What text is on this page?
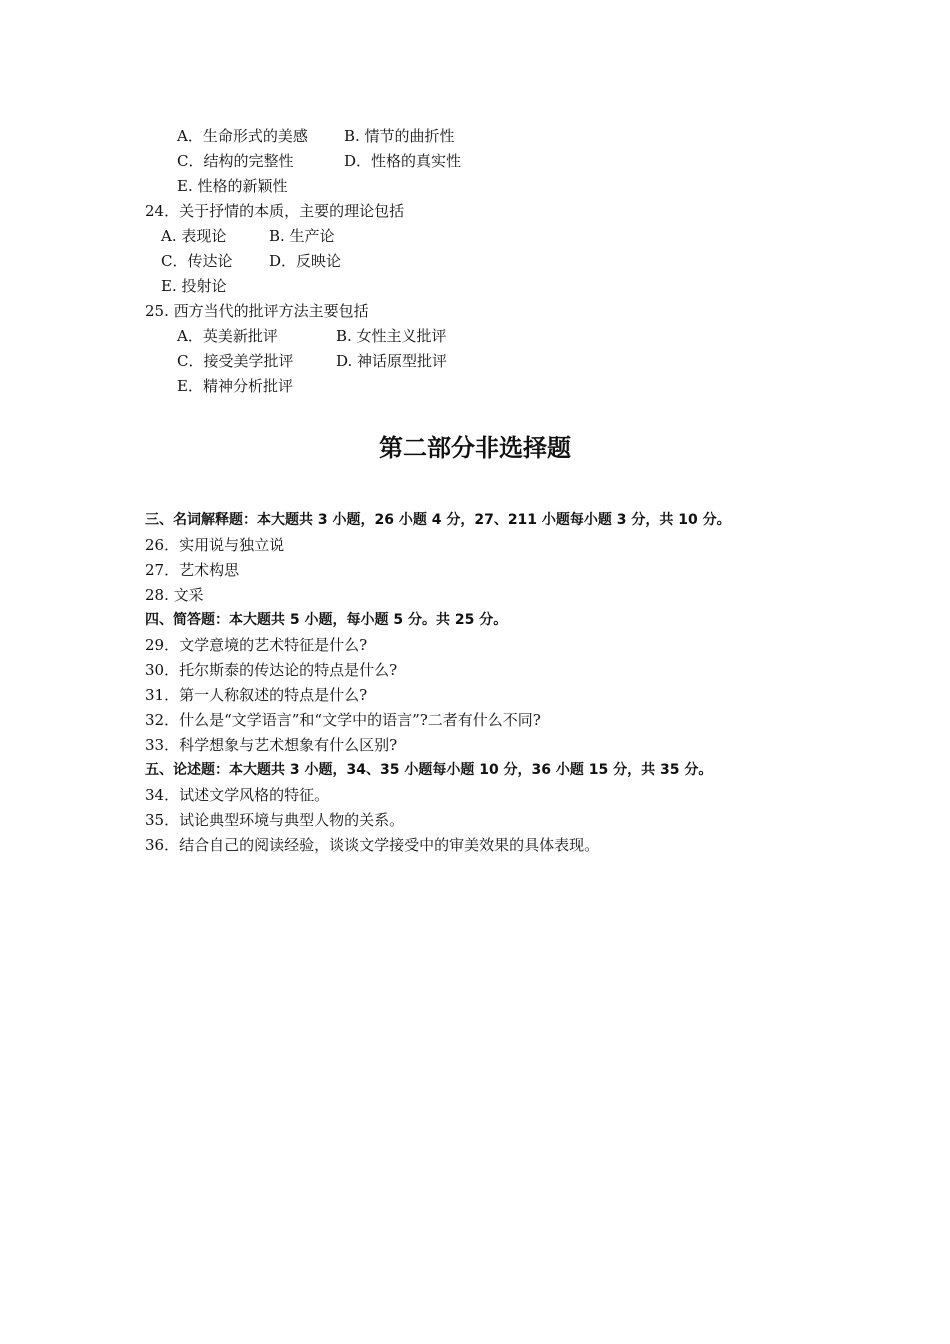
A．生命形式的美感 B. 情节的曲折性
C．结构的完整性	D．性格的真实性
E. 性格的新颖性
24．关于抒情的本质，主要的理论包括
A. 表现论	B. 生产论
C．传达论 D．反映论
E. 投射论
25. 西方当代的批评方法主要包括
A．英美新批评	B. 女性主义批评
C．接受美学批评	D. 神话原型批评
E．精神分析批评
第二部分非选择题
三、名词解释题：本大题共 3 小题，26 小题 4 分，27、211 小题每小题 3 分，共 10 分。
26．实用说与独立说
27．艺术构思
28. 文采
四、简答题：本大题共 5 小题，每小题 5 分。共 25 分。
29．文学意境的艺术特征是什么?
30．托尔斯泰的传达论的特点是什么?
31．第一人称叙述的特点是什么?
32．什么是“文学语言”和“文学中的语言”?二者有什么不同?
33．科学想象与艺术想象有什么区别?
五、论述题：本大题共 3 小题，34、35 小题每小题 10 分，36 小题 15 分，共 35 分。
34．试述文学风格的特征。
35．试论典型环境与典型人物的关系。
36．结合自己的阅读经验，谈谈文学接受中的审美效果的具体表现。
